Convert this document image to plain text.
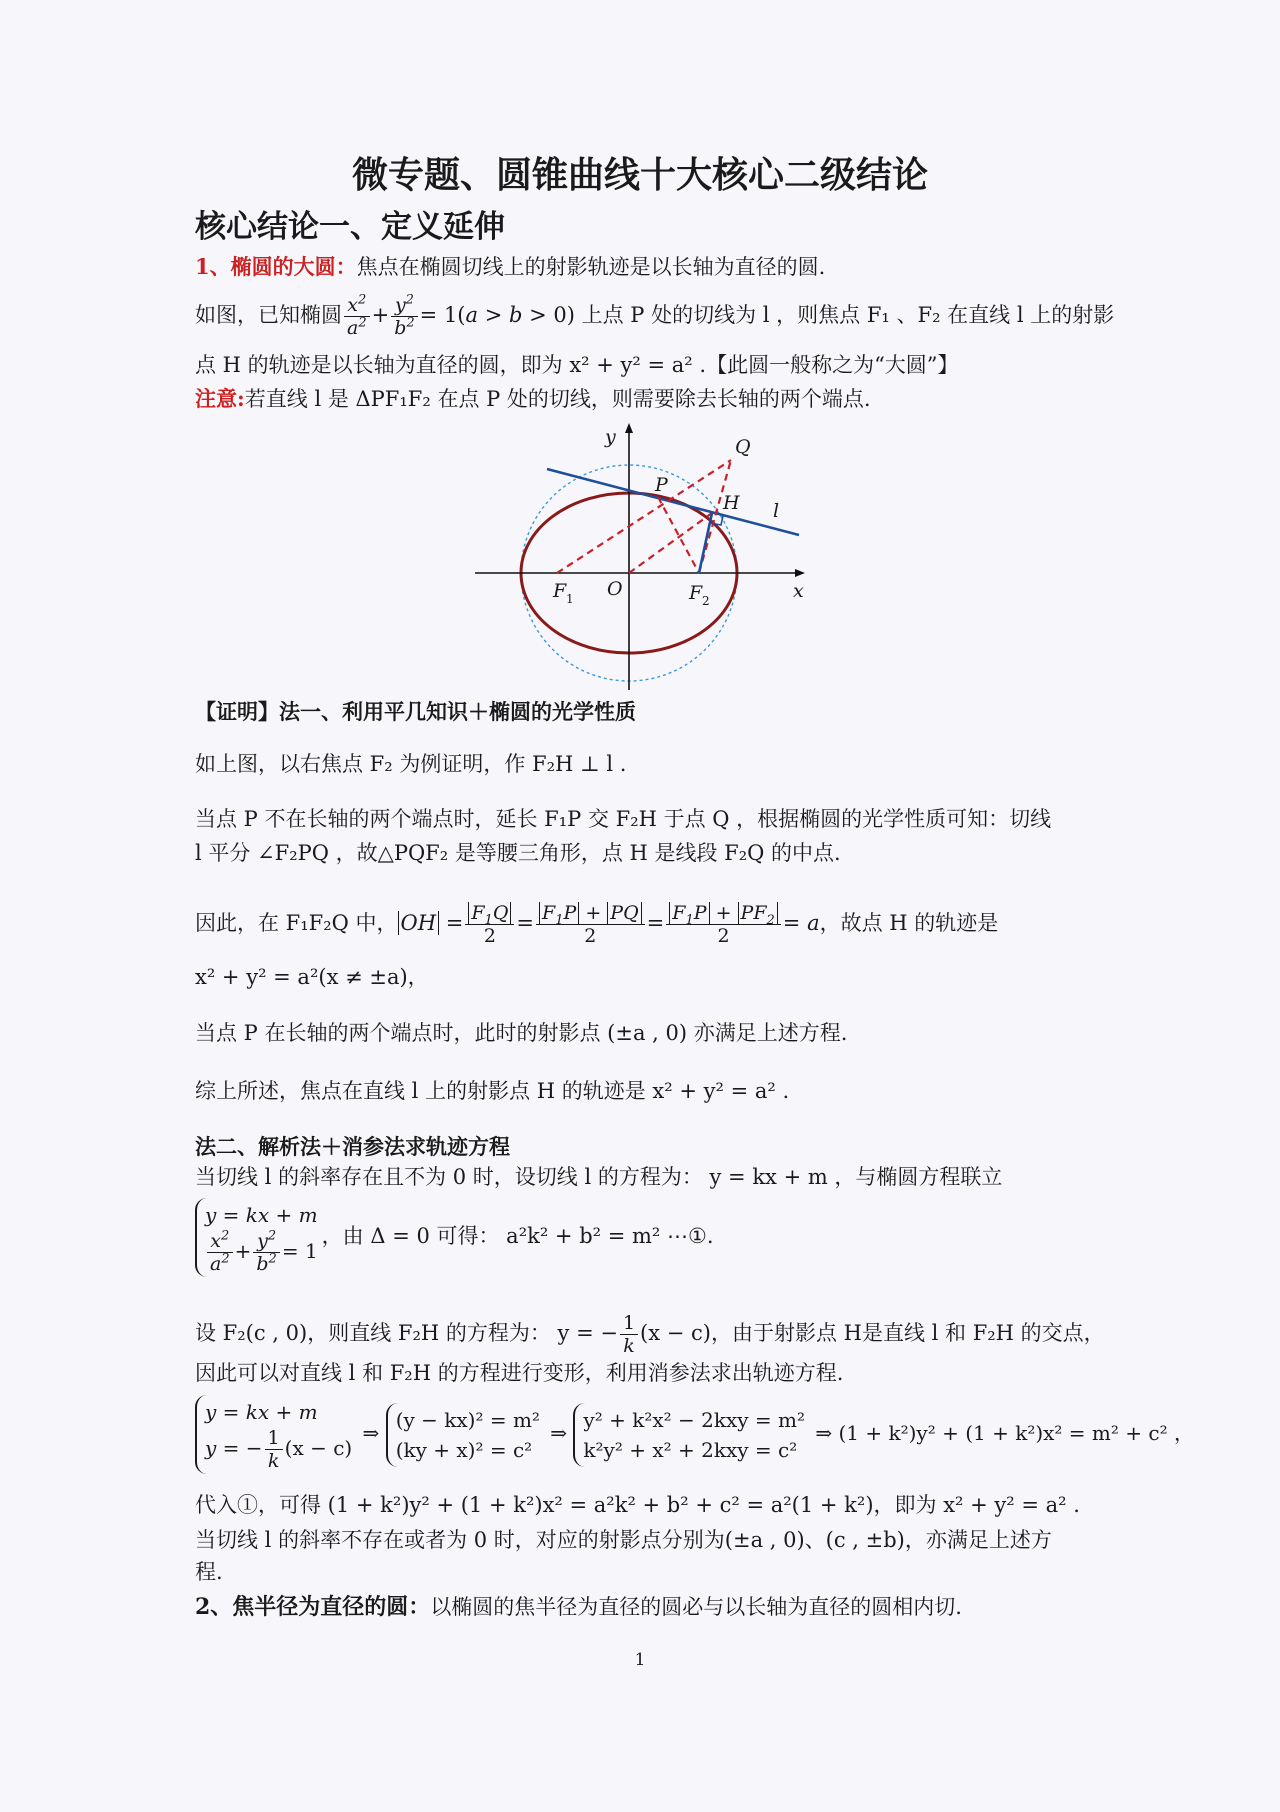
微专题、圆锥曲线十大核心二级结论
核心结论一、定义延伸
1、椭圆的大圆：焦点在椭圆切线上的射影轨迹是以长轴为直径的圆.
如图，已知椭圆 $\frac{x^2}{a^2} + \frac{y^2}{b^2} = 1(a > b > 0)$ 上点 P 处的切线为 l ，则焦点 F₁ 、F₂ 在直线 l 上的射影
点 H 的轨迹是以长轴为直径的圆，即为 x² + y² = a² .【此圆一般称之为“大圆”】
注意:若直线 l 是 ΔPF₁F₂ 在点 P 处的切线，则需要除去长轴的两个端点.
y
x
O
P
Q
H l
F 1	F 2
【证明】法一、利用平几知识＋椭圆的光学性质
如上图，以右焦点 F₂ 为例证明，作 F₂H ⊥ l .
当点 P 不在长轴的两个端点时，延长 F₁P 交 F₂H 于点 Q ，根据椭圆的光学性质可知：切线
l 平分 ∠F₂PQ ，故△PQF₂ 是等腰三角形，点 H 是线段 F₂Q 的中点.
因此，在 F₁F₂Q 中， OH = $\frac{F_1Q}{2} = \frac{F_1P + PQ}{2} = \frac{F_1P + PF_2}{2} = a$，故点 H 的轨迹是
x² + y² = a²(x ≠ ±a)，
当点 P 在长轴的两个端点时，此时的射影点 (±a , 0) 亦满足上述方程.
综上所述，焦点在直线 l 上的射影点 H 的轨迹是 x² + y² = a² .
法二、解析法＋消参法求轨迹方程
当切线 l 的斜率存在且不为 0 时，设切线 l 的方程为： y = kx + m ，与椭圆方程联立
y = kx + m
$\frac{x^2}{a^2} + \frac{y^2}{b^2} = 1$
，由 Δ = 0 可得： a²k² + b² = m² ⋯①.
设 F₂(c , 0)，则直线 F₂H 的方程为： y = − $\frac{1}{k} (x - c)$，由于射影点 H是直线 l 和 F₂H 的交点，
因此可以对直线 l 和 F₂H 的方程进行变形，利用消参法求出轨迹方程.
y = kx + m
y = − $\frac{1}{k} (x - c)$
⇒
(y − kx)² = m²
(ky + x)² = c²
⇒
y² + k²x² − 2kxy = m²
k²y² + x² + 2kxy = c²
⇒ (1 + k²)y² + (1 + k²)x² = m² + c² ，
代入①，可得 (1 + k²)y² + (1 + k²)x² = a²k² + b² + c² = a²(1 + k²)，即为 x² + y² = a² .
当切线 l 的斜率不存在或者为 0 时，对应的射影点分别为(±a , 0)、(c , ±b)，亦满足上述方
程.
2、焦半径为直径的圆：以椭圆的焦半径为直径的圆必与以长轴为直径的圆相内切.
1
